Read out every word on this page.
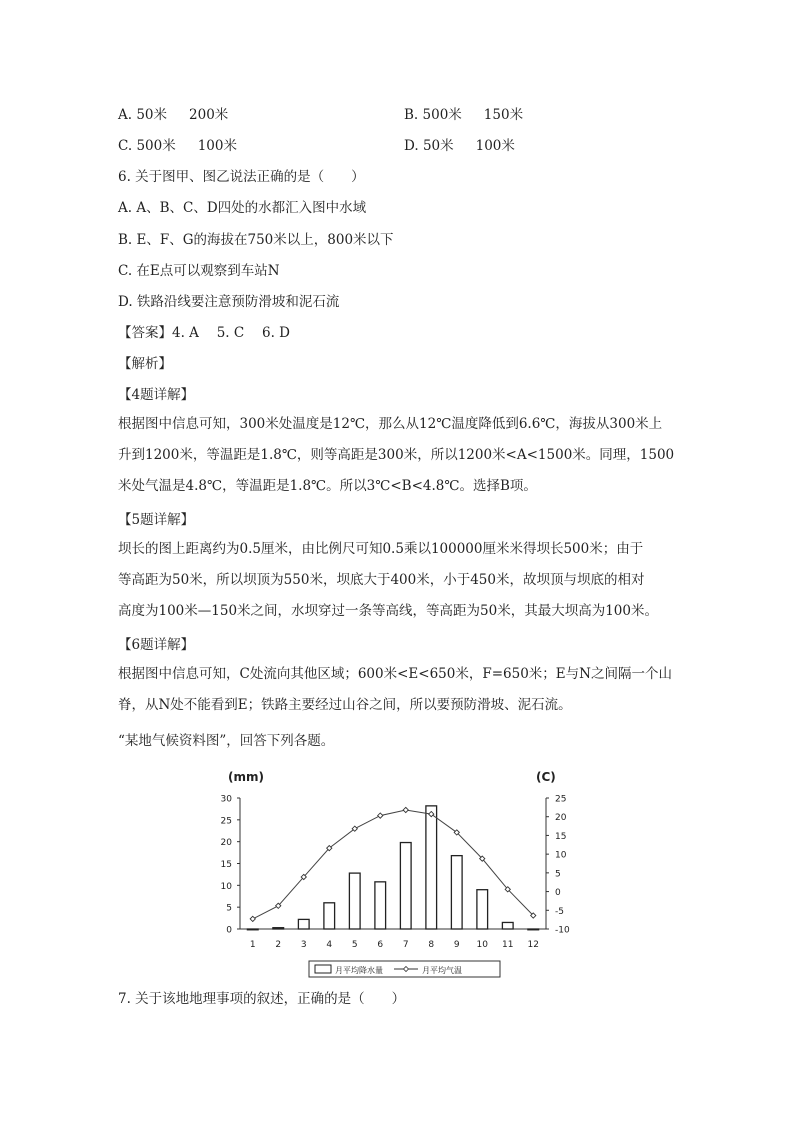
A. 50米 200米	B. 500米 150米
C. 500米 100米	D. 50米 100米
6. 关于图甲、图乙说法正确的是（　　）
A. A、B、C、D四处的水都汇入图中水域
B. E、F、G的海拔在750米以上，800米以下
C. 在E点可以观察到车站N
D. 铁路沿线要注意预防滑坡和泥石流
【答案】4. A　 5. C　 6. D
【解析】
【4题详解】
根据图中信息可知，300米处温度是12℃，那么从12℃温度降低到6.6℃，海拔从300米上
升到1200米，等温距是1.8℃，则等高距是300米，所以1200米<A<1500米。同理，1500
米处气温是4.8℃，等温距是1.8℃。所以3℃<B<4.8℃。选择B项。
【5题详解】
坝长的图上距离约为0.5厘米，由比例尺可知0.5乘以100000厘米米得坝长500米；由于
等高距为50米，所以坝顶为550米，坝底大于400米，小于450米，故坝顶与坝底的相对
高度为100米—150米之间，水坝穿过一条等高线，等高距为50米，其最大坝高为100米。
【6题详解】
根据图中信息可知，C处流向其他区域；600米<E<650米，F=650米；E与N之间隔一个山
脊，从N处不能看到E；铁路主要经过山谷之间，所以要预防滑坡、泥石流。
“某地气候资料图”，回答下列各题。
(mm)	(C)
0
5
10
15
20
25
30
-10
-5
0
5
10
15
20
25
1 2 3 4 5 6 7 8 9 10 11 12
月平均降水量	月平均气温
7. 关于该地地理事项的叙述，正确的是（　　）
